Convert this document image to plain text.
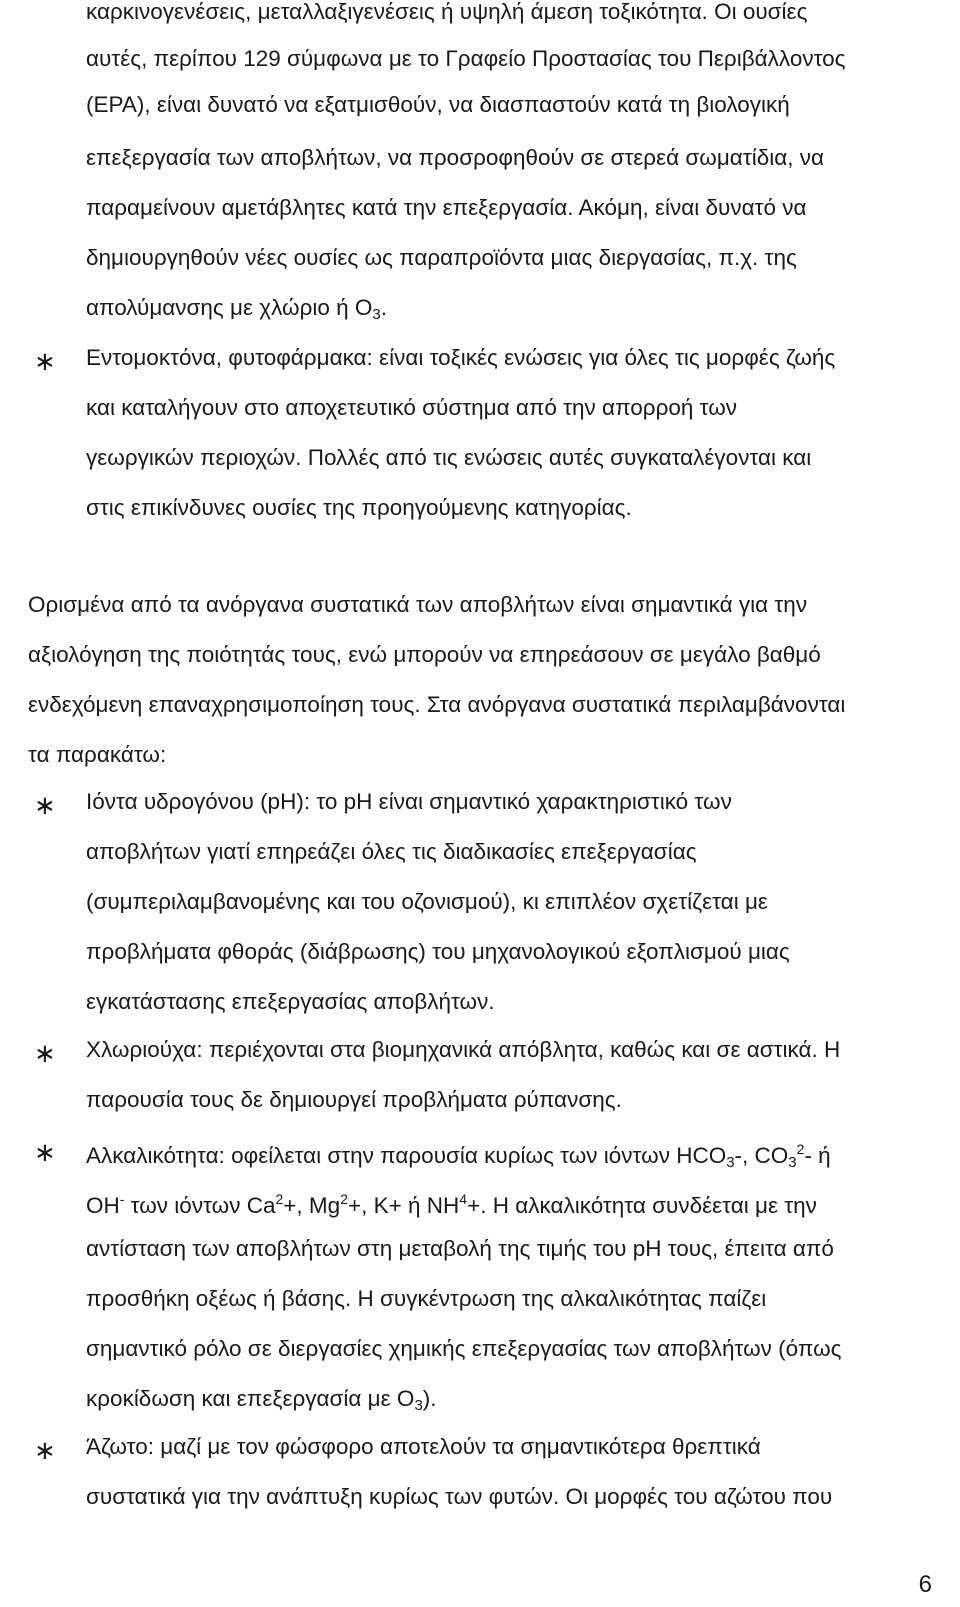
καρκινογενέσεις, μεταλλαξιγενέσεις ή υψηλή άμεση τοξικότητα. Οι ουσίες
αυτές, περίπου 129 σύμφωνα με το Γραφείο Προστασίας του Περιβάλλοντος
(EPA), είναι δυνατό να εξατμισθούν, να διασπαστούν κατά τη βιολογική
επεξεργασία των αποβλήτων, να προσροφηθούν σε στερεά σωματίδια, να
παραμείνουν αμετάβλητες κατά την επεξεργασία. Ακόμη, είναι δυνατό να
δημιουργηθούν νέες ουσίες ως παραπροϊόντα μιας διεργασίας, π.χ. της
απολύμανσης με χλώριο ή $O_3$.
∗ Εντομοκτόνα, φυτοφάρμακα: είναι τοξικές ενώσεις για όλες τις μορφές ζωής
και καταλήγουν στο αποχετευτικό σύστημα από την απορροή των
γεωργικών περιοχών. Πολλές από τις ενώσεις αυτές συγκαταλέγονται και
στις επικίνδυνες ουσίες της προηγούμενης κατηγορίας.
Ορισμένα από τα ανόργανα συστατικά των αποβλήτων είναι σημαντικά για την
αξιολόγηση της ποιότητάς τους, ενώ μπορούν να επηρεάσουν σε μεγάλο βαθμό
ενδεχόμενη επαναχρησιμοποίηση τους. Στα ανόργανα συστατικά περιλαμβάνονται
τα παρακάτω:
∗ Ιόντα υδρογόνου (pH): το pH είναι σημαντικό χαρακτηριστικό των
αποβλήτων γιατί επηρεάζει όλες τις διαδικασίες επεξεργασίας
(συμπεριλαμβανομένης και του οζονισμού), κι επιπλέον σχετίζεται με
προβλήματα φθοράς (διάβρωσης) του μηχανολογικού εξοπλισμού μιας
εγκατάστασης επεξεργασίας αποβλήτων.
∗ Χλωριούχα: περιέχονται στα βιομηχανικά απόβλητα, καθώς και σε αστικά. Η
παρουσία τους δε δημιουργεί προβλήματα ρύπανσης.
∗ Αλκαλικότητα: οφείλεται στην παρουσία κυρίως των ιόντων $HCO_3-$, $CO_3^2-$ ή
OH- των ιόντων $Ca^2+$, $Mg^2+$, K+ ή $NH^4+$. Η αλκαλικότητα συνδέεται με την
αντίσταση των αποβλήτων στη μεταβολή της τιμής του pH τους, έπειτα από
προσθήκη οξέως ή βάσης. Η συγκέντρωση της αλκαλικότητας παίζει
σημαντικό ρόλο σε διεργασίες χημικής επεξεργασίας των αποβλήτων (όπως
κροκίδωση και επεξεργασία με $O_3$).
∗ Άζωτο: μαζί με τον φώσφορο αποτελούν τα σημαντικότερα θρεπτικά
συστατικά για την ανάπτυξη κυρίως των φυτών. Οι μορφές του αζώτου που
6
